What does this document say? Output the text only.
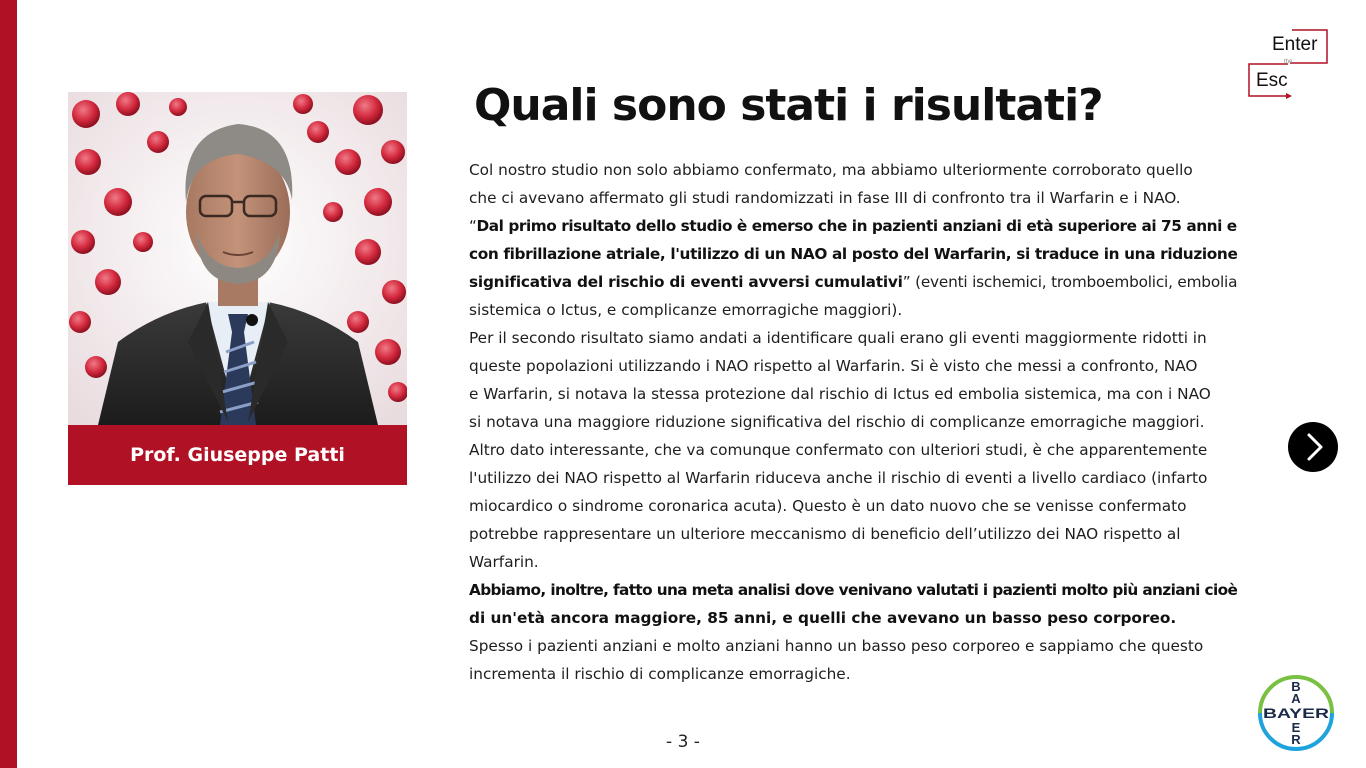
Enter
the
Esc
Prof. Giuseppe Patti
Quali sono stati i risultati?
Col nostro studio non solo abbiamo confermato, ma abbiamo ulteriormente corroborato quello
che ci avevano affermato gli studi randomizzati in fase III di confronto tra il Warfarin e i NAO.
“Dal primo risultato dello studio è emerso che in pazienti anziani di età superiore ai 75 anni e
con fibrillazione atriale, l'utilizzo di un NAO al posto del Warfarin, si traduce in una riduzione
significativa del rischio di eventi avversi cumulativi” (eventi ischemici, tromboembolici, embolia
sistemica o Ictus, e complicanze emorragiche maggiori).
Per il secondo risultato siamo andati a identificare quali erano gli eventi maggiormente ridotti in
queste popolazioni utilizzando i NAO rispetto al Warfarin. Si è visto che messi a confronto, NAO
e Warfarin, si notava la stessa protezione dal rischio di Ictus ed embolia sistemica, ma con i NAO
si notava una maggiore riduzione significativa del rischio di complicanze emorragiche maggiori.
Altro dato interessante, che va comunque confermato con ulteriori studi, è che apparentemente
l'utilizzo dei NAO rispetto al Warfarin riduceva anche il rischio di eventi a livello cardiaco (infarto
miocardico o sindrome coronarica acuta). Questo è un dato nuovo che se venisse confermato
potrebbe rappresentare un ulteriore meccanismo di beneficio dell’utilizzo dei NAO rispetto al
Warfarin.
Abbiamo, inoltre, fatto una meta analisi dove venivano valutati i pazienti molto più anziani cioè
di un'età ancora maggiore, 85 anni, e quelli che avevano un basso peso corporeo.
Spesso i pazienti anziani e molto anziani hanno un basso peso corporeo e sappiamo che questo
incrementa il rischio di complicanze emorragiche.
- 3 -
B
A
BAYER
E
R
